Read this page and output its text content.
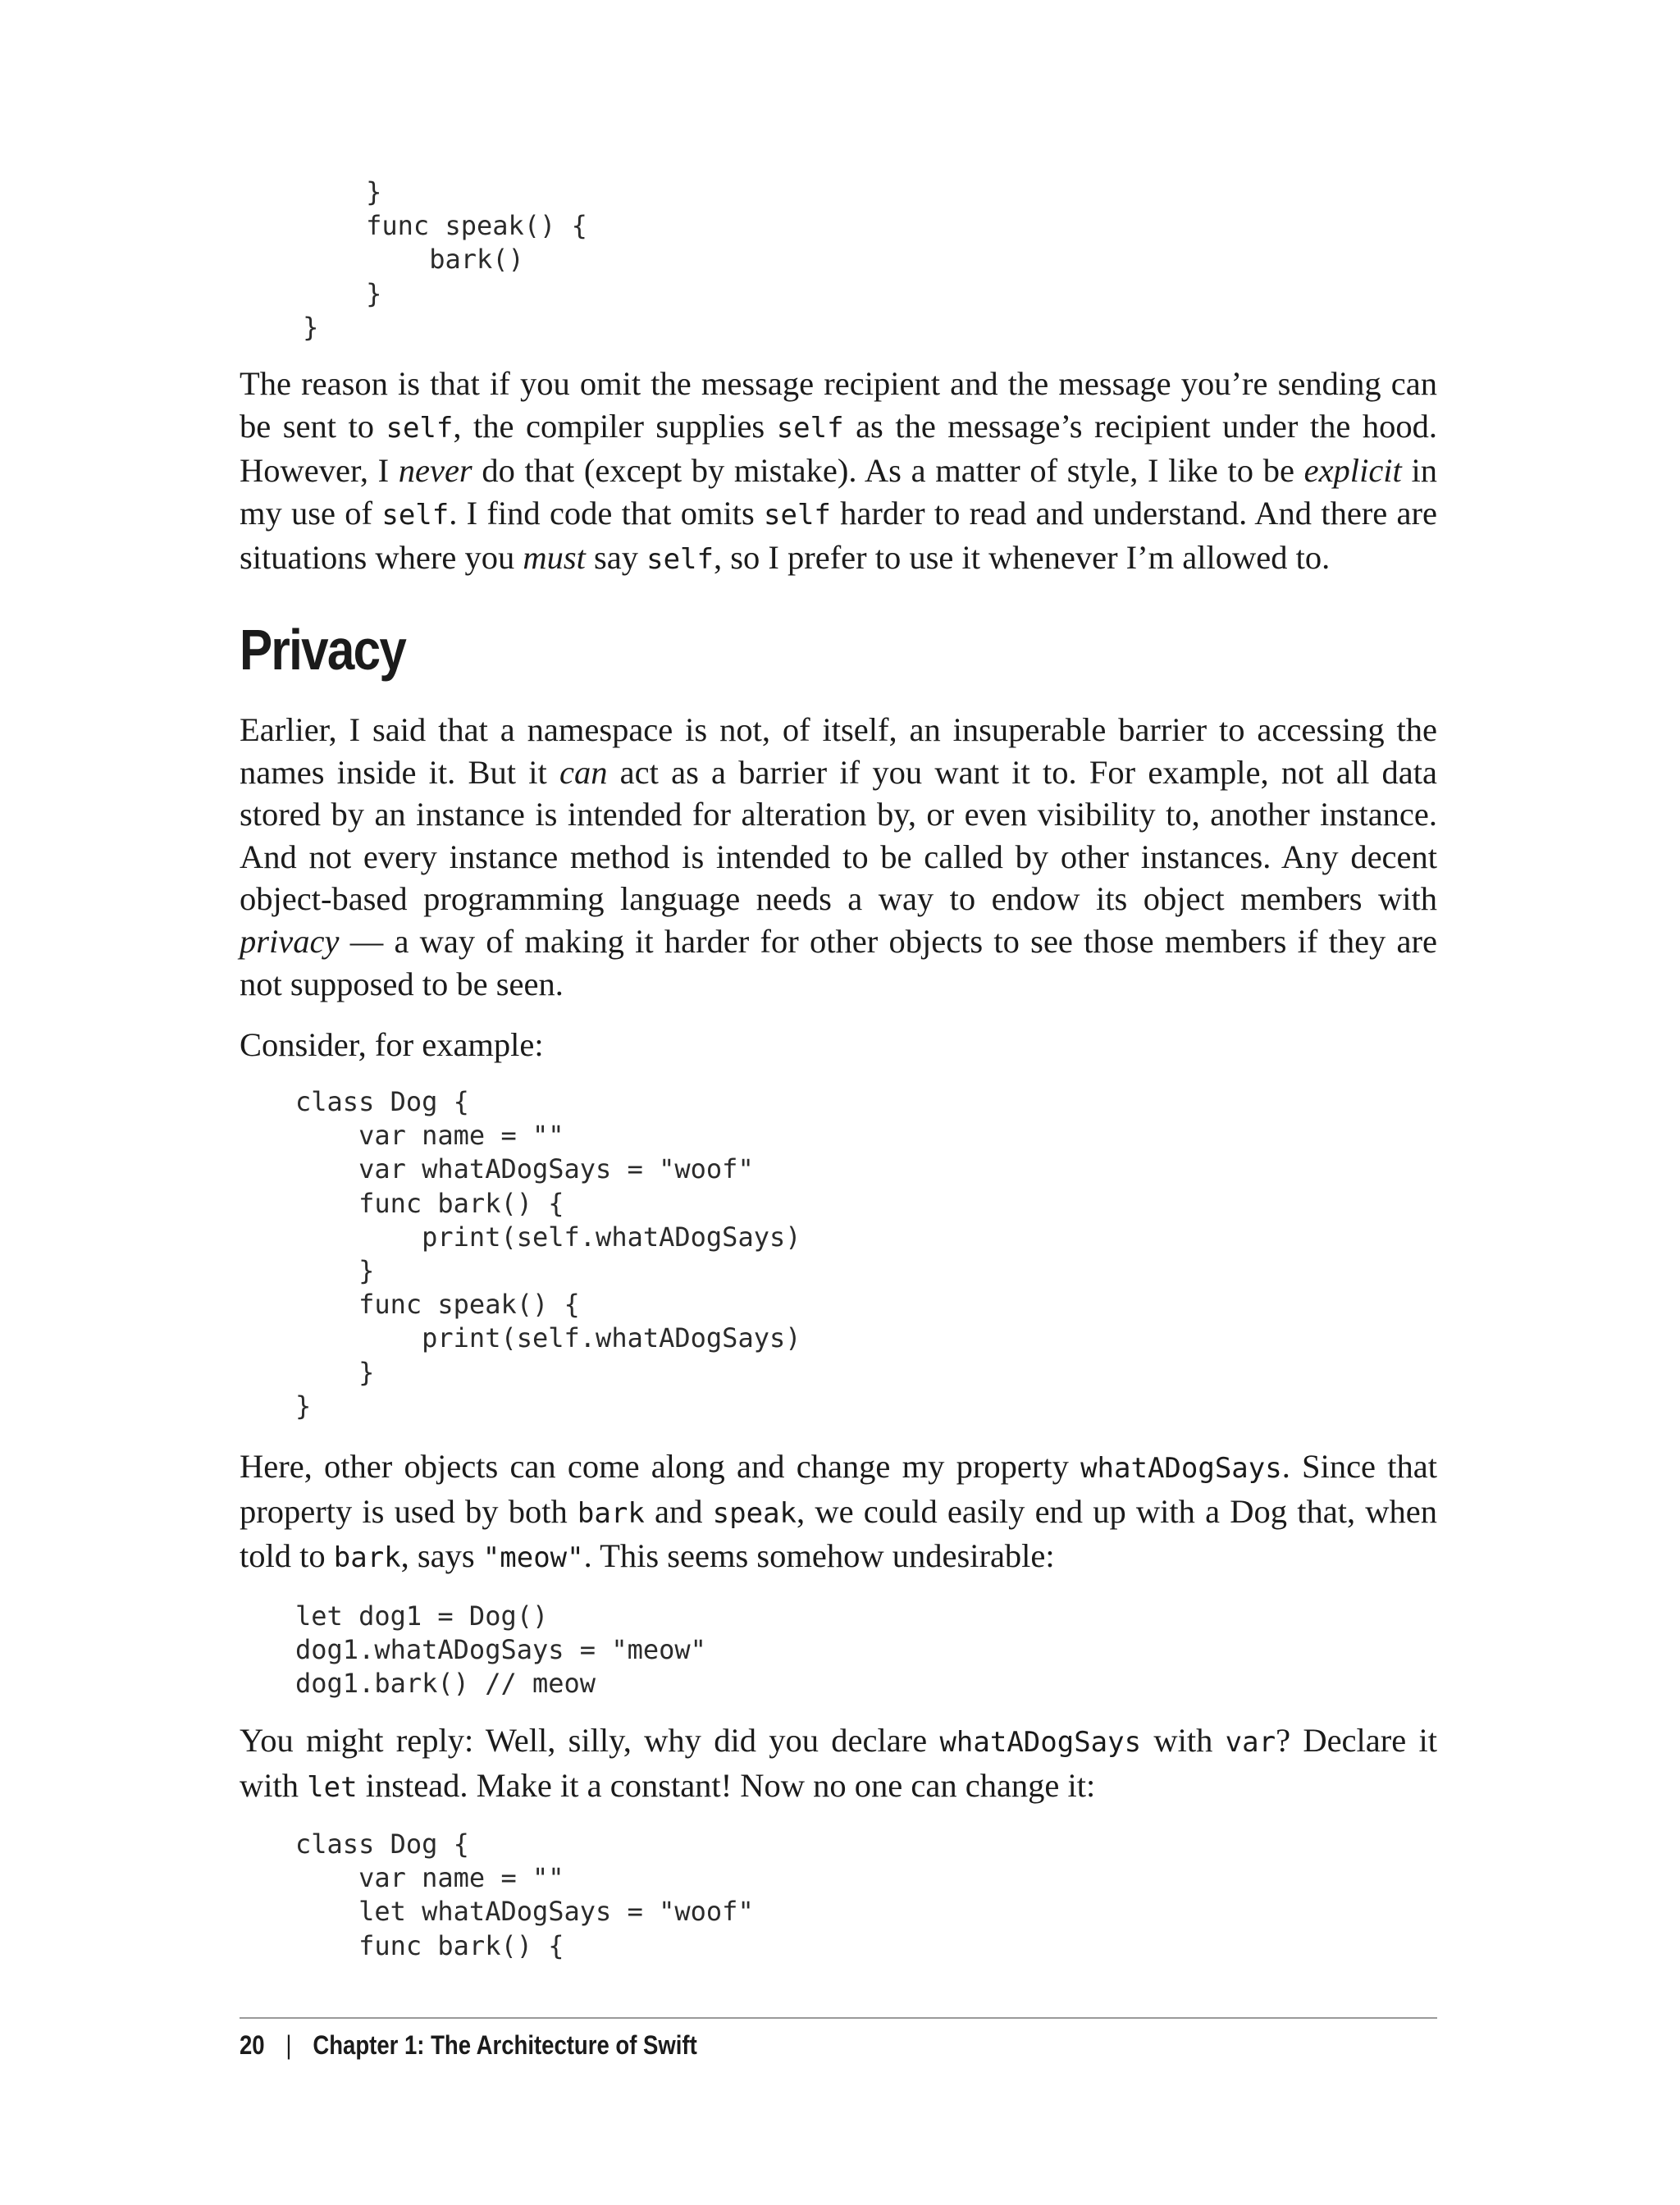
}
func speak() {
bark()
}
}

The reason is that if you omit the message recipient and the message you’re sending can be sent to self, the compiler supplies self as the message’s recipient under the hood. However, I never do that (except by mistake). As a matter of style, I like to be explicit in my use of self. I find code that omits self harder to read and understand. And there are situations where you must say self, so I prefer to use it whenever I’m allowed to.

Privacy

Earlier, I said that a namespace is not, of itself, an insuperable barrier to accessing the names inside it. But it can act as a barrier if you want it to. For example, not all data stored by an instance is intended for alteration by, or even visibility to, another instance. And not every instance method is intended to be called by other instances. Any decent object-based programming language needs a way to endow its object members with privacy — a way of making it harder for other objects to see those members if they are not supposed to be seen.

Consider, for example:

class Dog {
var name = ""
var whatADogSays = "woof"
func bark() {
print(self.whatADogSays)
}
func speak() {
print(self.whatADogSays)
}
}

Here, other objects can come along and change my property whatADogSays. Since that property is used by both bark and speak, we could easily end up with a Dog that, when told to bark, says "meow". This seems somehow undesirable:

let dog1 = Dog()
dog1.whatADogSays = "meow"
dog1.bark() // meow

You might reply: Well, silly, why did you declare whatADogSays with var? Declare it with let instead. Make it a constant! Now no one can change it:

class Dog {
var name = ""
let whatADogSays = "woof"
func bark() {
20 | Chapter 1: The Architecture of Swift
